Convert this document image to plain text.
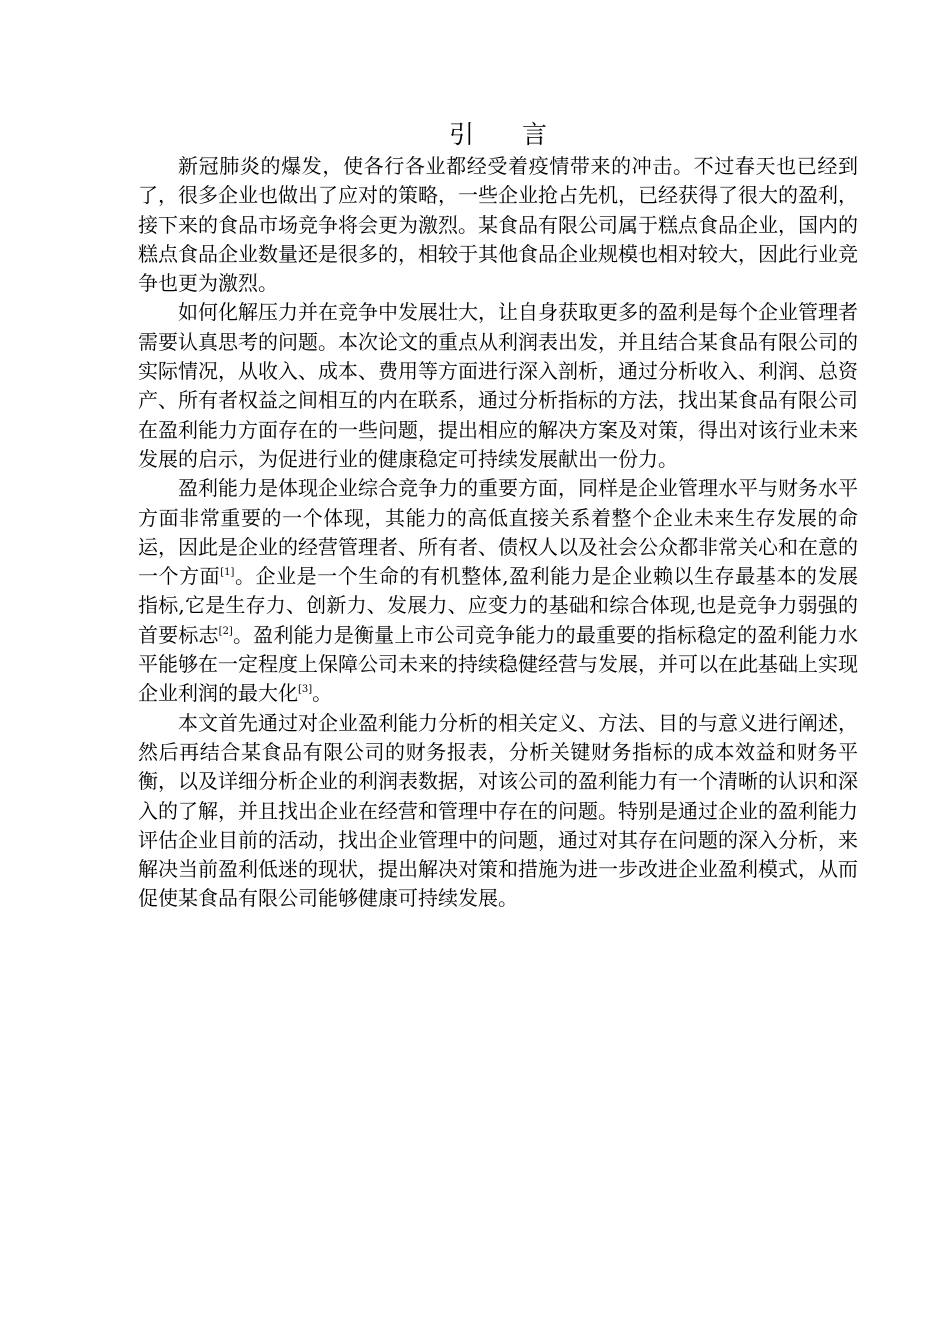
引 言

新冠肺炎的爆发，使各行各业都经受着疫情带来的冲击。不过春天也已经到了，很多企业也做出了应对的策略，一些企业抢占先机，已经获得了很大的盈利，接下来的食品市场竞争将会更为激烈。某食品有限公司属于糕点食品企业，国内的糕点食品企业数量还是很多的，相较于其他食品企业规模也相对较大，因此行业竞争也更为激烈。

如何化解压力并在竞争中发展壮大，让自身获取更多的盈利是每个企业管理者需要认真思考的问题。本次论文的重点从利润表出发，并且结合某食品有限公司的实际情况，从收入、成本、费用等方面进行深入剖析，通过分析收入、利润、总资产、所有者权益之间相互的内在联系，通过分析指标的方法，找出某食品有限公司在盈利能力方面存在的一些问题，提出相应的解决方案及对策，得出对该行业未来发展的启示，为促进行业的健康稳定可持续发展献出一份力。

盈利能力是体现企业综合竞争力的重要方面，同样是企业管理水平与财务水平方面非常重要的一个体现，其能力的高低直接关系着整个企业未来生存发展的命运，因此是企业的经营管理者、所有者、债权人以及社会公众都非常关心和在意的一个方面[1]。企业是一个生命的有机整体,盈利能力是企业赖以生存最基本的发展指标,它是生存力、创新力、发展力、应变力的基础和综合体现,也是竞争力弱强的首要标志[2]。盈利能力是衡量上市公司竞争能力的最重要的指标稳定的盈利能力水平能够在一定程度上保障公司未来的持续稳健经营与发展，并可以在此基础上实现企业利润的最大化[3]。

本文首先通过对企业盈利能力分析的相关定义、方法、目的与意义进行阐述，然后再结合某食品有限公司的财务报表，分析关键财务指标的成本效益和财务平衡，以及详细分析企业的利润表数据，对该公司的盈利能力有一个清晰的认识和深入的了解，并且找出企业在经营和管理中存在的问题。特别是通过企业的盈利能力评估企业目前的活动，找出企业管理中的问题，通过对其存在问题的深入分析，来解决当前盈利低迷的现状，提出解决对策和措施为进一步改进企业盈利模式，从而促使某食品有限公司能够健康可持续发展。
